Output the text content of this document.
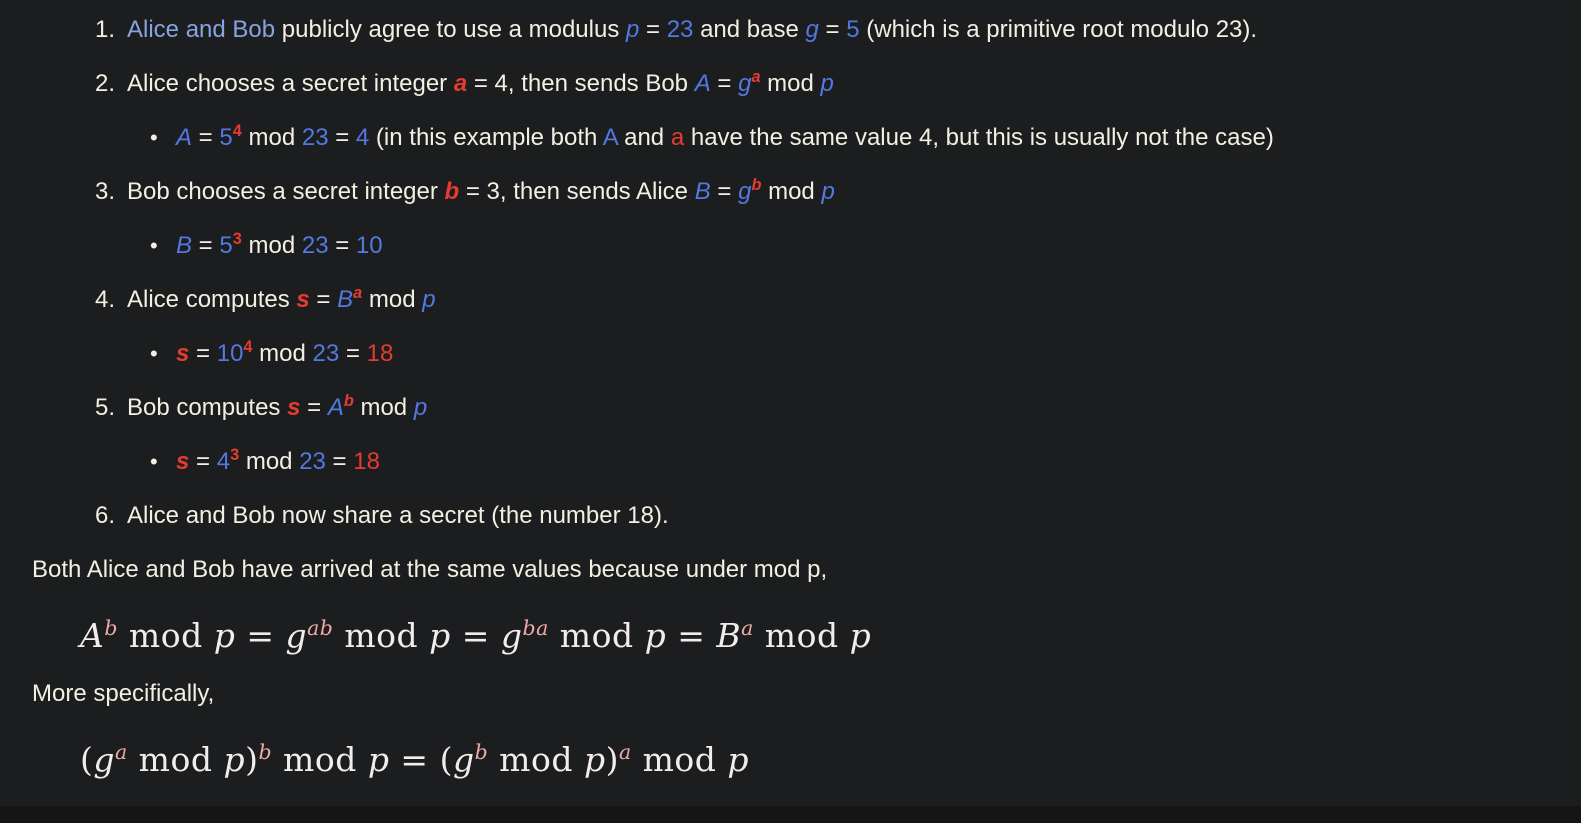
1. Alice and Bob publicly agree to use a modulus p = 23 and base g = 5 (which is a primitive root modulo 23).
2. Alice chooses a secret integer a = 4, then sends Bob $A = g^a$ mod p
• $A = 5^4$ mod 23 = 4 (in this example both A and a have the same value 4, but this is usually not the case)
3. Bob chooses a secret integer b = 3, then sends Alice $B = g^b$ mod p
• $B = 5^3$ mod 23 = 10
4. Alice computes $s = B^a$ mod p
• $s = 10^4$ mod 23 = 18
5. Bob computes $s = A^b$ mod p
• $s = 4^3$ mod 23 = 18
6. Alice and Bob now share a secret (the number 18).
Both Alice and Bob have arrived at the same values because under mod p,
$A^b$ mod $p = g^{ab}$ mod $p = g^{ba}$ mod $p = B^a$ mod p
More specifically,
($g^a$ mod p)$^b$ mod $p = (g^b$ mod p)$^a$ mod p
